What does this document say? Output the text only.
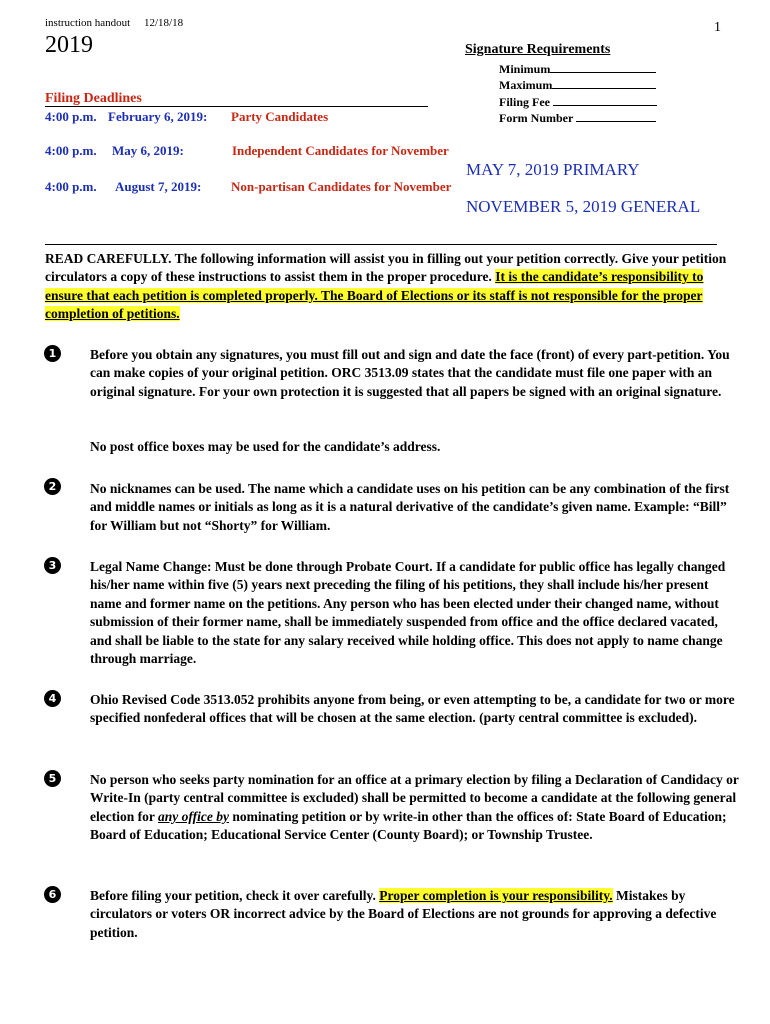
instruction handout 12/18/18	1
2019	Signature Requirements
Minimum
Maximum
Filing Fee
Form Number
Filing Deadlines
4:00 p.m. February 6, 2019: Party Candidates
4:00 p.m. May 6, 2019:	Independent Candidates for November
4:00 p.m. August 7, 2019: Non-partisan Candidates for November
MAY 7, 2019 PRIMARY
NOVEMBER 5, 2019 GENERAL
READ CAREFULLY. The following information will assist you in filling out your petition correctly. Give your petition circulators a copy of these instructions to assist them in the proper procedure. It is the candidate’s responsibility to ensure that each petition is completed properly. The Board of Elections or its staff is not responsible for the proper completion of petitions.
1	Before you obtain any signatures, you must fill out and sign and date the face (front) of every part-petition. You can make copies of your original petition. ORC 3513.09 states that the candidate must file one paper with an original signature. For your own protection it is suggested that all papers be signed with an original signature.
No post office boxes may be used for the candidate’s address.
2	No nicknames can be used. The name which a candidate uses on his petition can be any combination of the first and middle names or initials as long as it is a natural derivative of the candidate’s given name. Example: “Bill” for William but not “Shorty” for William.
3	Legal Name Change: Must be done through Probate Court. If a candidate for public office has legally changed his/her name within five (5) years next preceding the filing of his petitions, they shall include his/her present name and former name on the petitions. Any person who has been elected under their changed name, without submission of their former name, shall be immediately suspended from office and the office declared vacated, and shall be liable to the state for any salary received while holding office. This does not apply to name change through marriage.
4	Ohio Revised Code 3513.052 prohibits anyone from being, or even attempting to be, a candidate for two or more specified nonfederal offices that will be chosen at the same election. (party central committee is excluded).
5	No person who seeks party nomination for an office at a primary election by filing a Declaration of Candidacy or Write-In (party central committee is excluded) shall be permitted to become a candidate at the following general election for any office by nominating petition or by write-in other than the offices of: State Board of Education; Board of Education; Educational Service Center (County Board); or Township Trustee.
6	Before filing your petition, check it over carefully. Proper completion is your responsibility. Mistakes by circulators or voters OR incorrect advice by the Board of Elections are not grounds for approving a defective petition.
